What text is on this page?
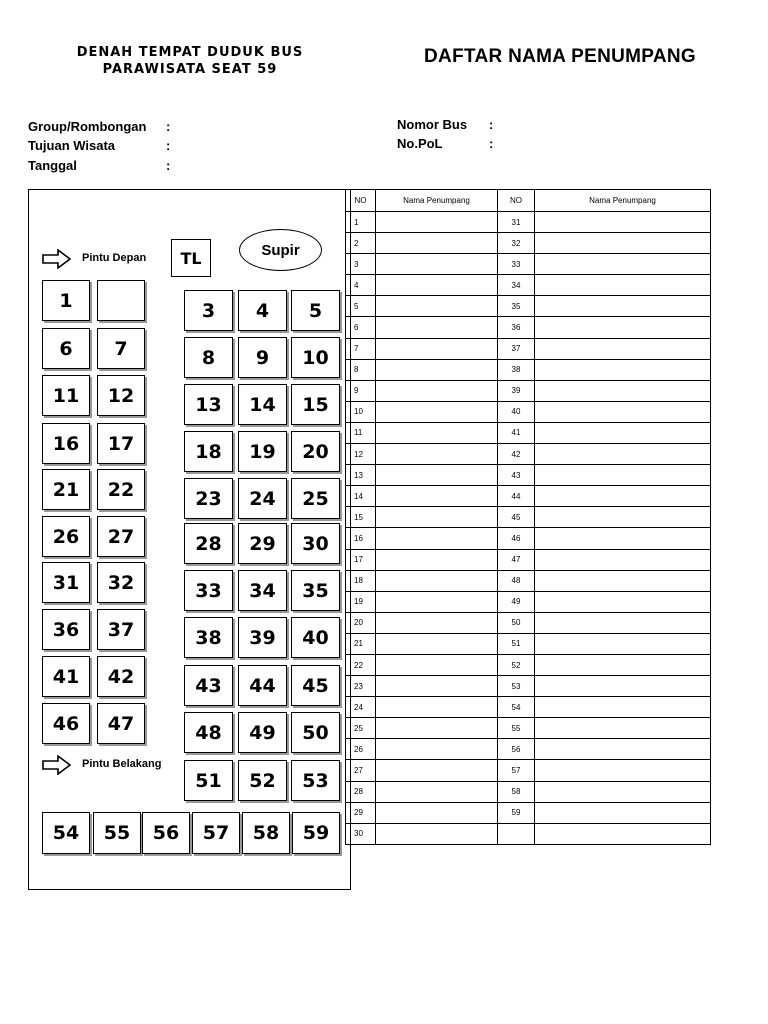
DENAH TEMPAT DUDUK BUS
PARAWISATA SEAT 59
DAFTAR NAMA PENUMPANG
Group/Rombongan :
Tujuan Wisata	:
Tanggal	:
Nomor Bus :
No.PoL	:
Pintu Depan
Pintu Belakang
TL	Supir
1
6	7
11	12
16	17
21	22
26	27
31	32
36	37
41	42
46	47
3	4	5
8	9	10
13	14	15
18	19	20
23	24	25
28	29	30
33	34	35
38	39	40
43	44	45
48	49	50
51	52	53
54	55	56	57	58	59
NO	Nama Penumpang	NO	Nama Penumpang
1		31	
2		32	
3		33	
4		34	
5		35	
6		36	
7		37	
8		38	
9		39	
10		40	
11		41	
12		42	
13		43	
14		44	
15		45	
16		46	
17		47	
18		48	
19		49	
20		50	
21		51	
22		52	
23		53	
24		54	
25		55	
26		56	
27		57	
28		58	
29		59	
30			
